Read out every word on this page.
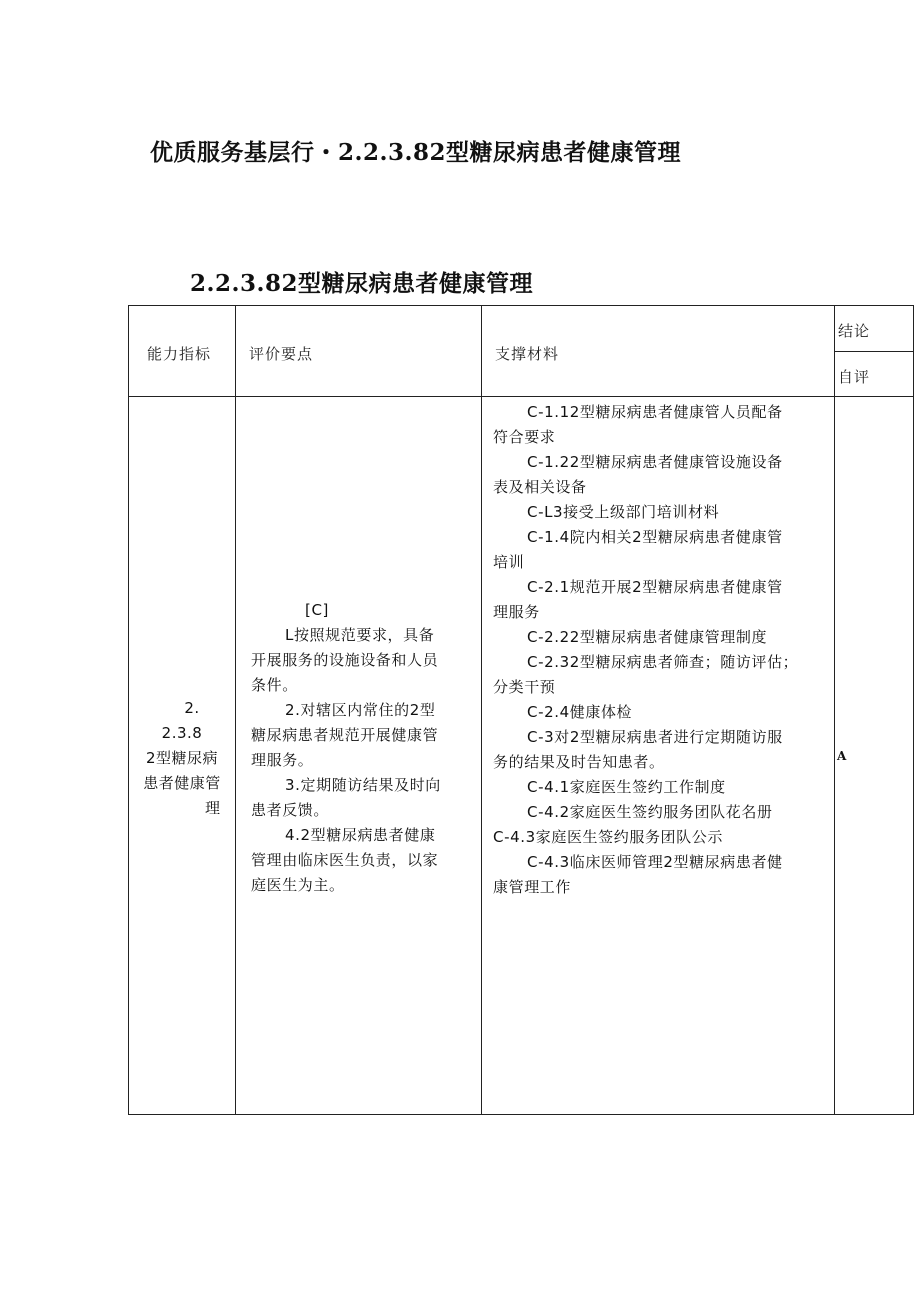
优质服务基层行・2.2.3.82型糖尿病患者健康管理
2.2.3.82型糖尿病患者健康管理
能力指标	评价要点	支撑材料
结论
自评
2.
2.3.8
2型糖尿病
患者健康管
理
[C]
L按照规范要求，具备
开展服务的设施设备和人员
条件。
2.对辖区内常住的2型
糖尿病患者规范开展健康管
理服务。
3.定期随访结果及时向
患者反馈。
4.2型糖尿病患者健康
管理由临床医生负责，以家
庭医生为主。
C-1.12型糖尿病患者健康管人员配备
符合要求
C-1.22型糖尿病患者健康管设施设备
表及相关设备
C-L3接受上级部门培训材料
C-1.4院内相关2型糖尿病患者健康管
培训
C-2.1规范开展2型糖尿病患者健康管
理服务
C-2.22型糖尿病患者健康管理制度
C-2.32型糖尿病患者筛查；随访评估；
分类干预
C-2.4健康体检
C-3对2型糖尿病患者进行定期随访服
务的结果及时告知患者。
C-4.1家庭医生签约工作制度
C-4.2家庭医生签约服务团队花名册
C-4.3家庭医生签约服务团队公示
C-4.3临床医师管理2型糖尿病患者健
康管理工作
A
